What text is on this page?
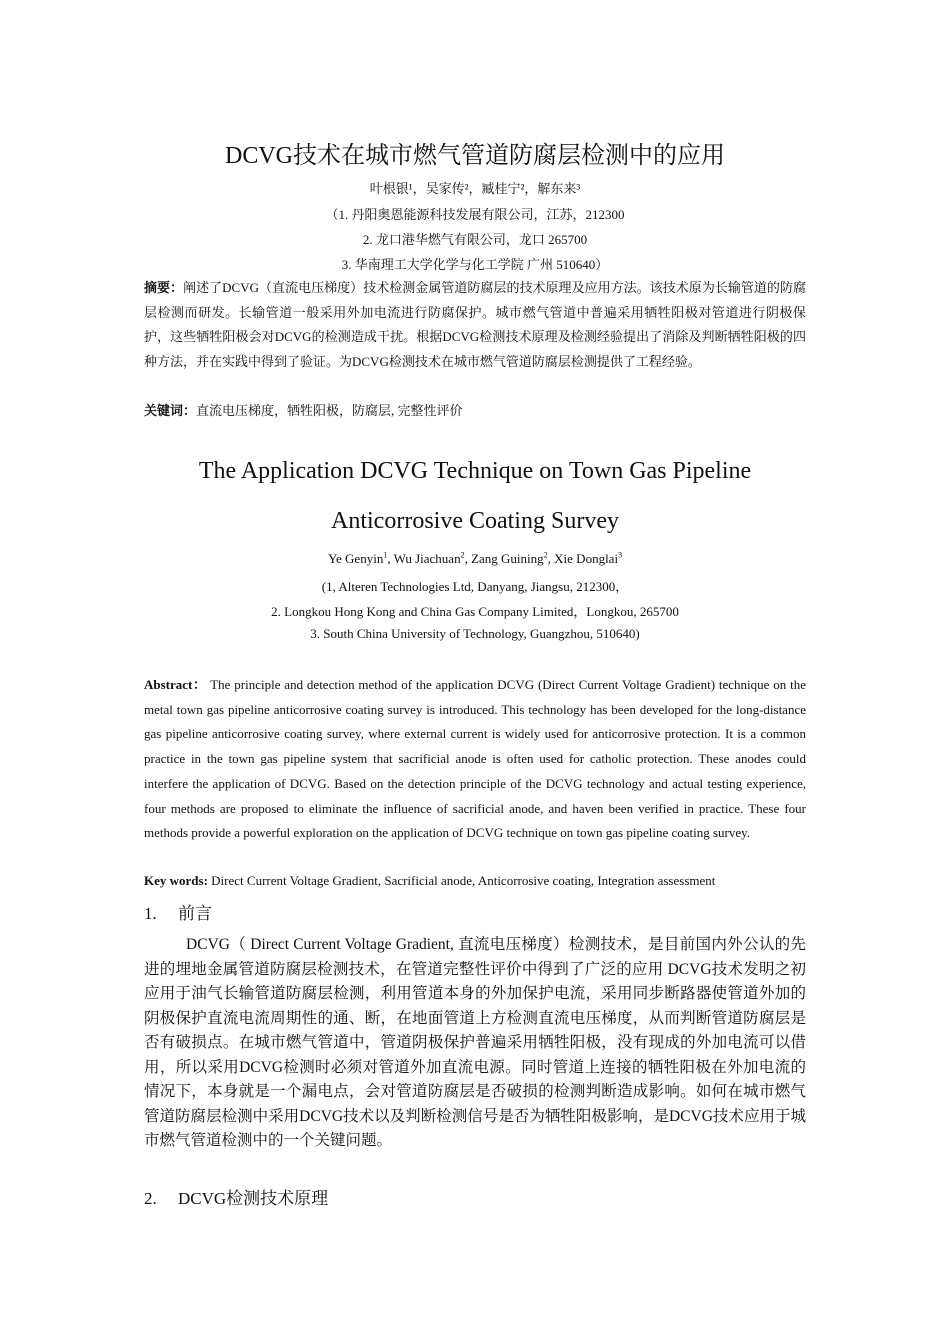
DCVG技术在城市燃气管道防腐层检测中的应用
叶根银¹，吴家传²，臧桂宁²，解东来³
（1. 丹阳奥恩能源科技发展有限公司，江苏，212300
2. 龙口港华燃气有限公司，龙口 265700
3. 华南理工大学化学与化工学院 广州 510640）
摘要：阐述了DCVG（直流电压梯度）技术检测金属管道防腐层的技术原理及应用方法。该技术原为长输管道的防腐层检测而研发。长输管道一般采用外加电流进行防腐保护。城市燃气管道中普遍采用牺牲阳极对管道进行阴极保护，这些牺牲阳极会对DCVG的检测造成干扰。根据DCVG检测技术原理及检测经验提出了消除及判断牺牲阳极的四种方法，并在实践中得到了验证。为DCVG检测技术在城市燃气管道防腐层检测提供了工程经验。
关键词：直流电压梯度，牺牲阳极，防腐层, 完整性评价
The Application DCVG Technique on Town Gas Pipeline
Anticorrosive Coating Survey
Ye Genyin$^1$, Wu Jiachuan$^2$, Zang Guining$^2$, Xie Donglai$^3$
(1, Alteren Technologies Ltd, Danyang, Jiangsu, 212300，
2. Longkou Hong Kong and China Gas Company Limited，Longkou, 265700
3. South China University of Technology, Guangzhou, 510640)
Abstract： The principle and detection method of the application DCVG (Direct Current Voltage Gradient) technique on the metal town gas pipeline anticorrosive coating survey is introduced. This technology has been developed for the long-distance gas pipeline anticorrosive coating survey, where external current is widely used for anticorrosive protection. It is a common practice in the town gas pipeline system that sacrificial anode is often used for catholic protection. These anodes could interfere the application of DCVG. Based on the detection principle of the DCVG technology and actual testing experience, four methods are proposed to eliminate the influence of sacrificial anode, and haven been verified in practice. These four methods provide a powerful exploration on the application of DCVG technique on town gas pipeline coating survey.
Key words: Direct Current Voltage Gradient, Sacrificial anode, Anticorrosive coating, Integration assessment
1. 前言
DCVG（ Direct Current Voltage Gradient, 直流电压梯度）检测技术，是目前国内外公认的先进的埋地金属管道防腐层检测技术，在管道完整性评价中得到了广泛的应用 DCVG技术发明之初应用于油气长输管道防腐层检测，利用管道本身的外加保护电流，采用同步断路器使管道外加的阴极保护直流电流周期性的通、断，在地面管道上方检测直流电压梯度，从而判断管道防腐层是否有破损点。在城市燃气管道中，管道阴极保护普遍采用牺牲阳极，没有现成的外加电流可以借用，所以采用DCVG检测时必须对管道外加直流电源。同时管道上连接的牺牲阳极在外加电流的情况下，本身就是一个漏电点，会对管道防腐层是否破损的检测判断造成影响。如何在城市燃气管道防腐层检测中采用DCVG技术以及判断检测信号是否为牺牲阳极影响，是DCVG技术应用于城市燃气管道检测中的一个关键问题。
2. DCVG检测技术原理
